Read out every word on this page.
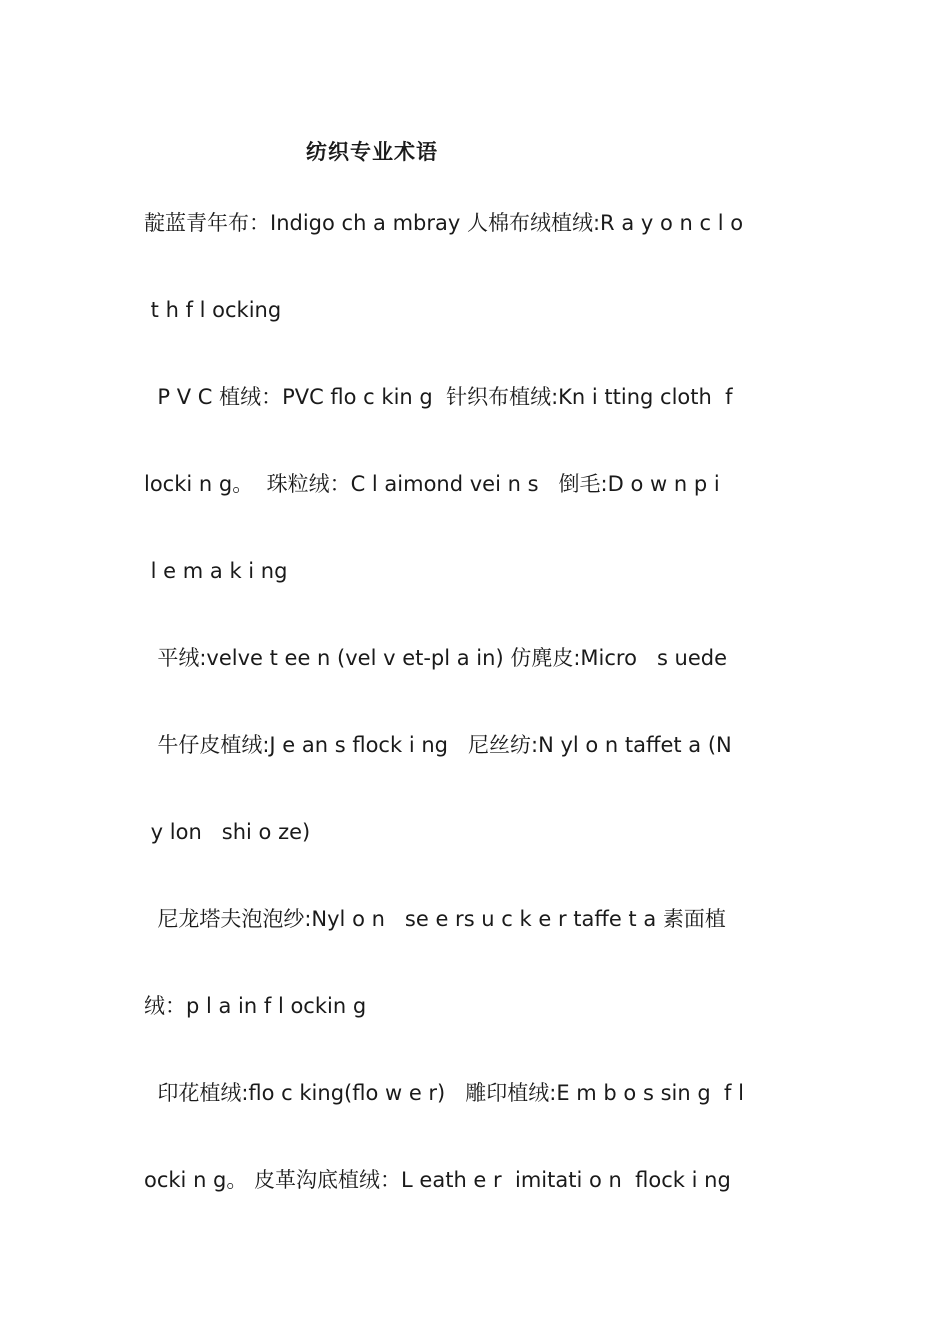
纺织专业术语
靛蓝青年布：Indigo ch a mbray 人棉布绒植绒:R a y o n c l o
t h f l ocking
P V C 植绒：PVC flo c kin g  针织布植绒:Kn i tting cloth  f
locki n g。  珠粒绒：C l aimond vei n s   倒毛:D o w n p i
l e m a k i ng
平绒:velve t ee n (vel v et-pl a in) 仿麂皮:Micro   s uede
牛仔皮植绒:J e an s flock i ng   尼丝纺:N yl o n taffet a (N
y lon   shi o ze)
尼龙塔夫泡泡纱:Nyl o n   se e rs u c k e r taffe t a 素面植
绒：p l a in f l ockin g
印花植绒:flo c king(flo w e r)   雕印植绒:E m b o s sin g  f l
ocki n g。 皮革沟底植绒：L eath e r  imitati o n  flock i ng
